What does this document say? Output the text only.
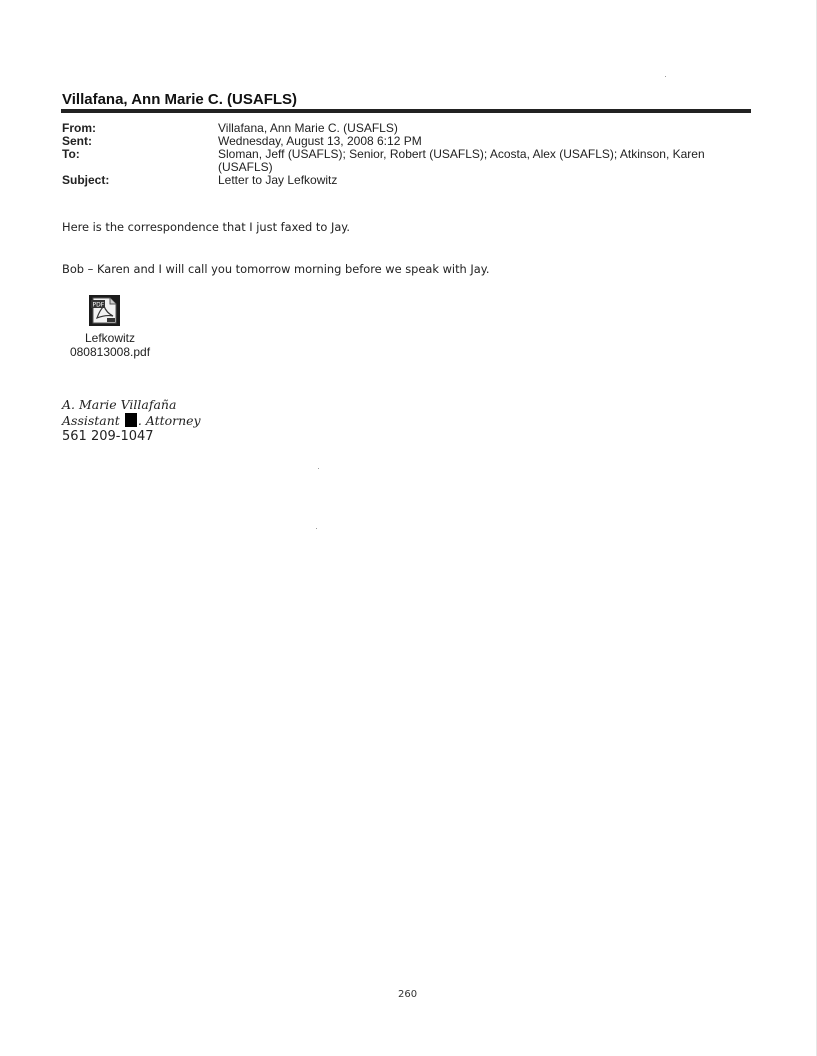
Villafana, Ann Marie C. (USAFLS)
From:	Villafana, Ann Marie C. (USAFLS)
Sent:	Wednesday, August 13, 2008 6:12 PM
To:	Sloman, Jeff (USAFLS); Senior, Robert (USAFLS); Acosta, Alex (USAFLS); Atkinson, Karen
(USAFLS)
Subject:	Letter to Jay Lefkowitz
Here is the correspondence that I just faxed to Jay.
Bob – Karen and I will call you tomorrow morning before we speak with Jay.
PDF
Lefkowitz
080813008.pdf
A. Marie Villafaña
Assistant . Attorney
561 209-1047
260
